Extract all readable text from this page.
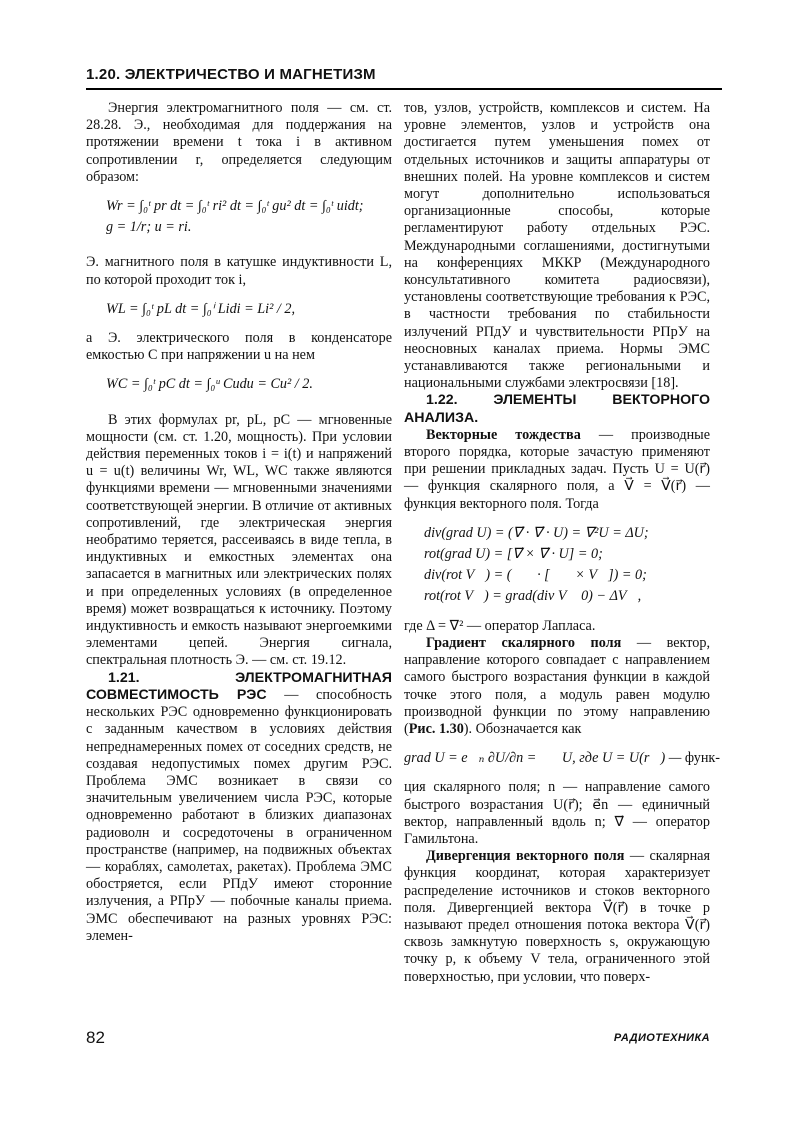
1.20. ЭЛЕКТРИЧЕСТВО И МАГНЕТИЗМ

Энергия электромагнитного поля — см. ст. 28.28. Э., необходимая для поддержания на протяжении времени t тока i в активном сопротивлении r, определяется следующим образом:

Wr = ∫₀ᵗ pr dt = ∫₀ᵗ ri² dt = ∫₀ᵗ gu² dt = ∫₀ᵗ uidt;
g = 1/r; u = ri.

Э. магнитного поля в катушке индуктивности L, по которой проходит ток i,

WL = ∫₀ᵗ pL dt = ∫₀ⁱ Lidi = Li² / 2,

а Э. электрического поля в конденсаторе емкостью C при напряжении u на нем

WC = ∫₀ᵗ pC dt = ∫₀ᵘ Cudu = Cu² / 2.

В этих формулах pr, pL, pC — мгновенные мощности (см. ст. 1.20, мощность). При условии действия переменных токов i = i(t) и напряжений u = u(t) величины Wr, WL, WC также являются функциями времени — мгновенными значениями соответствующей энергии. В отличие от активных сопротивлений, где электрическая энергия необратимо теряется, рассеиваясь в виде тепла, в индуктивных и емкостных элементах она запасается в магнитных или электрических полях и при определенных условиях (в определенное время) может возвращаться к источнику. Поэтому индуктивность и емкость называют энергоемкими элементами цепей. Энергия сигнала, спектральная плотность Э. — см. ст. 19.12.

1.21. ЭЛЕКТРОМАГНИТНАЯ СОВМЕСТИМОСТЬ РЭС — способность нескольких РЭС одновременно функционировать с заданным качеством в условиях действия непреднамеренных помех от соседних средств, не создавая недопустимых помех другим РЭС. Проблема ЭМС возникает в связи со значительным увеличением числа РЭС, которые одновременно работают в близких диапазонах радиоволн и сосредоточены в ограниченном пространстве (например, на подвижных объектах — кораблях, самолетах, ракетах). Проблема ЭМС обостряется, если РПдУ имеют сторонние излучения, а РПрУ — побочные каналы приема. ЭМС обеспечивают на разных уровнях РЭС: элемен-

тов, узлов, устройств, комплексов и систем. На уровне элементов, узлов и устройств она достигается путем уменьшения помех от отдельных источников и защиты аппаратуры от внешних полей. На уровне комплексов и систем могут дополнительно использоваться организационные способы, которые регламентируют работу отдельных РЭС. Международными соглашениями, достигнутыми на конференциях МККР (Международного консультативного комитета радиосвязи), установлены соответствующие требования к РЭС, в частности требования по стабильности излучений РПдУ и чувствительности РПрУ на неосновных каналах приема. Нормы ЭМС устанавливаются также региональными и национальными службами электросвязи [18].

1.22. ЭЛЕМЕНТЫ ВЕКТОРНОГО АНАЛИЗА.

Векторные тождества — производные второго порядка, которые зачастую применяют при решении прикладных задач. Пусть U = U(r⃗) — функция скалярного поля, а V⃗ = V⃗(r⃗) — функция векторного поля. Тогда

div(grad U) = (∇⃗ · ∇⃗ · U) = ∇²U = ΔU;
rot(grad U) = [∇⃗ × ∇⃗ · U] = 0;
div(rot V⃗) = (∇⃗ · [∇⃗ × V⃗]) = 0;
rot(rot V⃗) = grad(div V⃗ 0) − ΔV⃗,

где Δ = ∇² — оператор Лапласа.

Градиент скалярного поля — вектор, направление которого совпадает с направлением самого быстрого возрастания функции в каждой точке этого поля, а модуль равен модулю производной функции по этому направлению (Рис. 1.30). Обозначается как

grad U = e⃗ₙ ∂U/∂n = ∇⃗U, где U = U(r⃗) — функ-

ция скалярного поля; n — направление самого быстрого возрастания U(r⃗); e⃗n — единичный вектор, направленный вдоль n; ∇⃗ — оператор Гамильтона.

Дивергенция векторного поля — скалярная функция координат, которая характеризует распределение источников и стоков векторного поля. Дивергенцией вектора V⃗(r⃗) в точке p называют предел отношения потока вектора V⃗(r⃗) сквозь замкнутую поверхность s, окружающую точку p, к объему V тела, ограниченного этой поверхностью, при условии, что поверх-

82	РАДИОТЕХНИКА
